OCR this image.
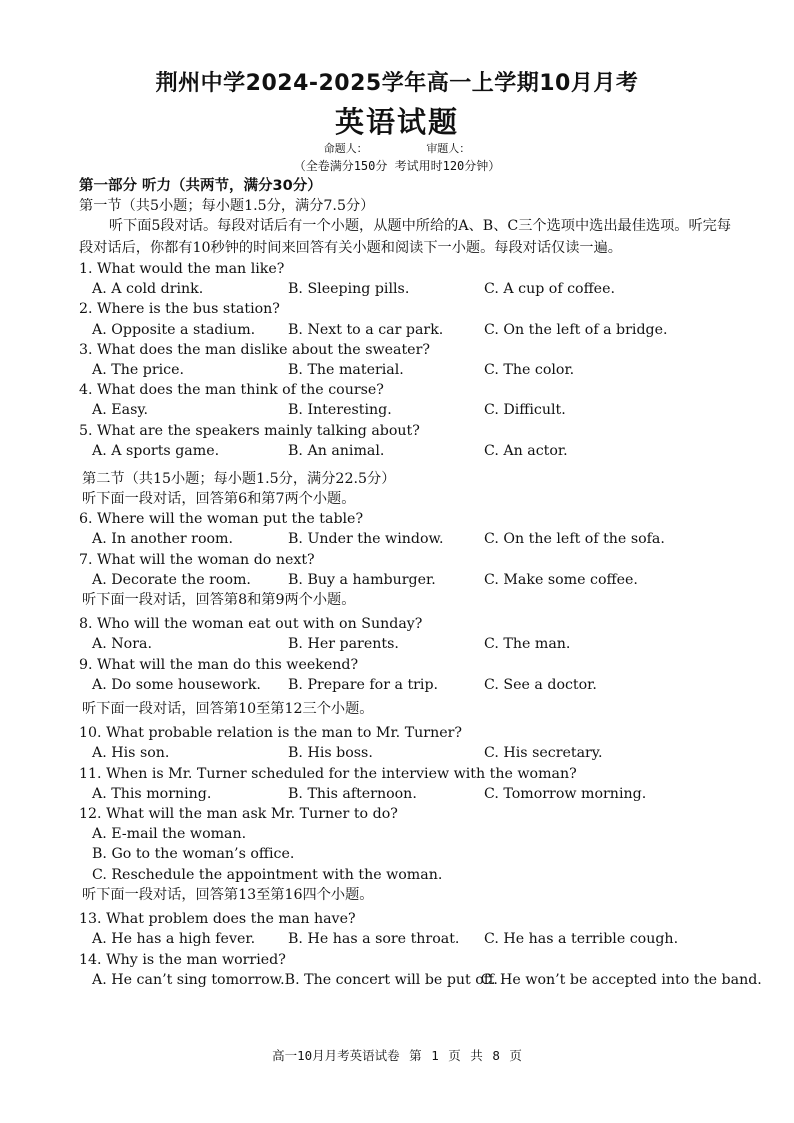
荆州中学2024-2025学年高一上学期10月月考
英语试题
命题人：	审题人：
（全卷满分150分 考试用时120分钟）
第一部分 听力（共两节，满分30分）
第一节（共5小题；每小题1.5分，满分7.5分）
听下面5段对话。每段对话后有一个小题，从题中所给的A、B、C三个选项中选出最佳选项。听完每段对话后，你都有10秒钟的时间来回答有关小题和阅读下一小题。每段对话仅读一遍。
1. What would the man like?
A. A cold drink.	B. Sleeping pills.	C. A cup of coffee.
2. Where is the bus station?
A. Opposite a stadium.	B. Next to a car park.	C. On the left of a bridge.
3. What does the man dislike about the sweater?
A. The price.	B. The material.	C. The color.
4. What does the man think of the course?
A. Easy.	B. Interesting.	C. Difficult.
5. What are the speakers mainly talking about?
A. A sports game.	B. An animal.	C. An actor.
第二节（共15小题；每小题1.5分，满分22.5分）
听下面一段对话，回答第6和第7两个小题。
6. Where will the woman put the table?
A. In another room.	B. Under the window.	C. On the left of the sofa.
7. What will the woman do next?
A. Decorate the room.	B. Buy a hamburger.	C. Make some coffee.
听下面一段对话，回答第8和第9两个小题。
8. Who will the woman eat out with on Sunday?
A. Nora.	B. Her parents.	C. The man.
9. What will the man do this weekend?
A. Do some housework.	B. Prepare for a trip.	C. See a doctor.
听下面一段对话，回答第10至第12三个小题。
10. What probable relation is the man to Mr. Turner?
A. His son.	B. His boss.	C. His secretary.
11. When is Mr. Turner scheduled for the interview with the woman?
A. This morning.	B. This afternoon.	C. Tomorrow morning.
12. What will the man ask Mr. Turner to do?
A. E-mail the woman.
B. Go to the woman’s office.
C. Reschedule the appointment with the woman.
听下面一段对话，回答第13至第16四个小题。
13. What problem does the man have?
A. He has a high fever.	B. He has a sore throat.	C. He has a terrible cough.
14. Why is the man worried?
A. He can’t sing tomorrow. B. The concert will be put off.
C. He won’t be accepted into the band.
高一10月月考英语试卷 第 1 页 共 8 页
